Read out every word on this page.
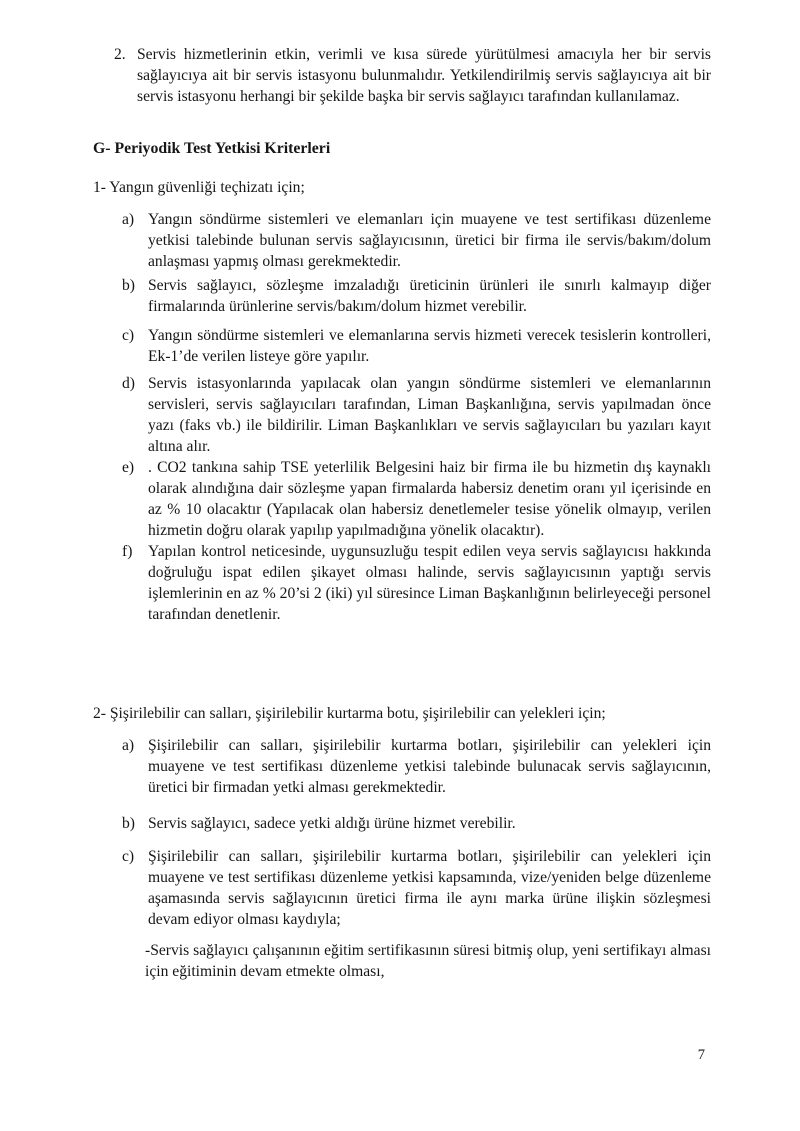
2. Servis hizmetlerinin etkin, verimli ve kısa sürede yürütülmesi amacıyla her bir servis sağlayıcıya ait bir servis istasyonu bulunmalıdır. Yetkilendirilmiş servis sağlayıcıya ait bir servis istasyonu herhangi bir şekilde başka bir servis sağlayıcı tarafından kullanılamaz.
G- Periyodik Test Yetkisi Kriterleri
1- Yangın güvenliği teçhizatı için;
a) Yangın söndürme sistemleri ve elemanları için muayene ve test sertifikası düzenleme yetkisi talebinde bulunan servis sağlayıcısının, üretici bir firma ile servis/bakım/dolum anlaşması yapmış olması gerekmektedir.
b) Servis sağlayıcı, sözleşme imzaladığı üreticinin ürünleri ile sınırlı kalmayıp diğer firmalarında ürünlerine servis/bakım/dolum hizmet verebilir.
c) Yangın söndürme sistemleri ve elemanlarına servis hizmeti verecek tesislerin kontrolleri, Ek-1’de verilen listeye göre yapılır.
d) Servis istasyonlarında yapılacak olan yangın söndürme sistemleri ve elemanlarının servisleri, servis sağlayıcıları tarafından, Liman Başkanlığına, servis yapılmadan önce yazı (faks vb.) ile bildirilir. Liman Başkanlıkları ve servis sağlayıcıları bu yazıları kayıt altına alır.
e) . CO2 tankına sahip TSE yeterlilik Belgesini haiz bir firma ile bu hizmetin dış kaynaklı olarak alındığına dair sözleşme yapan firmalarda habersiz denetim oranı yıl içerisinde en az % 10 olacaktır (Yapılacak olan habersiz denetlemeler tesise yönelik olmayıp, verilen hizmetin doğru olarak yapılıp yapılmadığına yönelik olacaktır).
f)	Yapılan kontrol neticesinde, uygunsuzluğu tespit edilen veya servis sağlayıcısı hakkında doğruluğu ispat edilen şikayet olması halinde, servis sağlayıcısının yaptığı servis işlemlerinin en az % 20’si 2 (iki) yıl süresince Liman Başkanlığının belirleyeceği personel tarafından denetlenir.
2- Şişirilebilir can salları, şişirilebilir kurtarma botu, şişirilebilir can yelekleri için;
a) Şişirilebilir can salları, şişirilebilir kurtarma botları, şişirilebilir can yelekleri için muayene ve test sertifikası düzenleme yetkisi talebinde bulunacak servis sağlayıcının, üretici bir firmadan yetki alması gerekmektedir.
b) Servis sağlayıcı, sadece yetki aldığı ürüne hizmet verebilir.
c) Şişirilebilir can salları, şişirilebilir kurtarma botları, şişirilebilir can yelekleri için muayene ve test sertifikası düzenleme yetkisi kapsamında, vize/yeniden belge düzenleme aşamasında servis sağlayıcının üretici firma ile aynı marka ürüne ilişkin sözleşmesi devam ediyor olması kaydıyla;
-Servis sağlayıcı çalışanının eğitim sertifikasının süresi bitmiş olup, yeni sertifikayı alması için eğitiminin devam etmekte olması,
7
